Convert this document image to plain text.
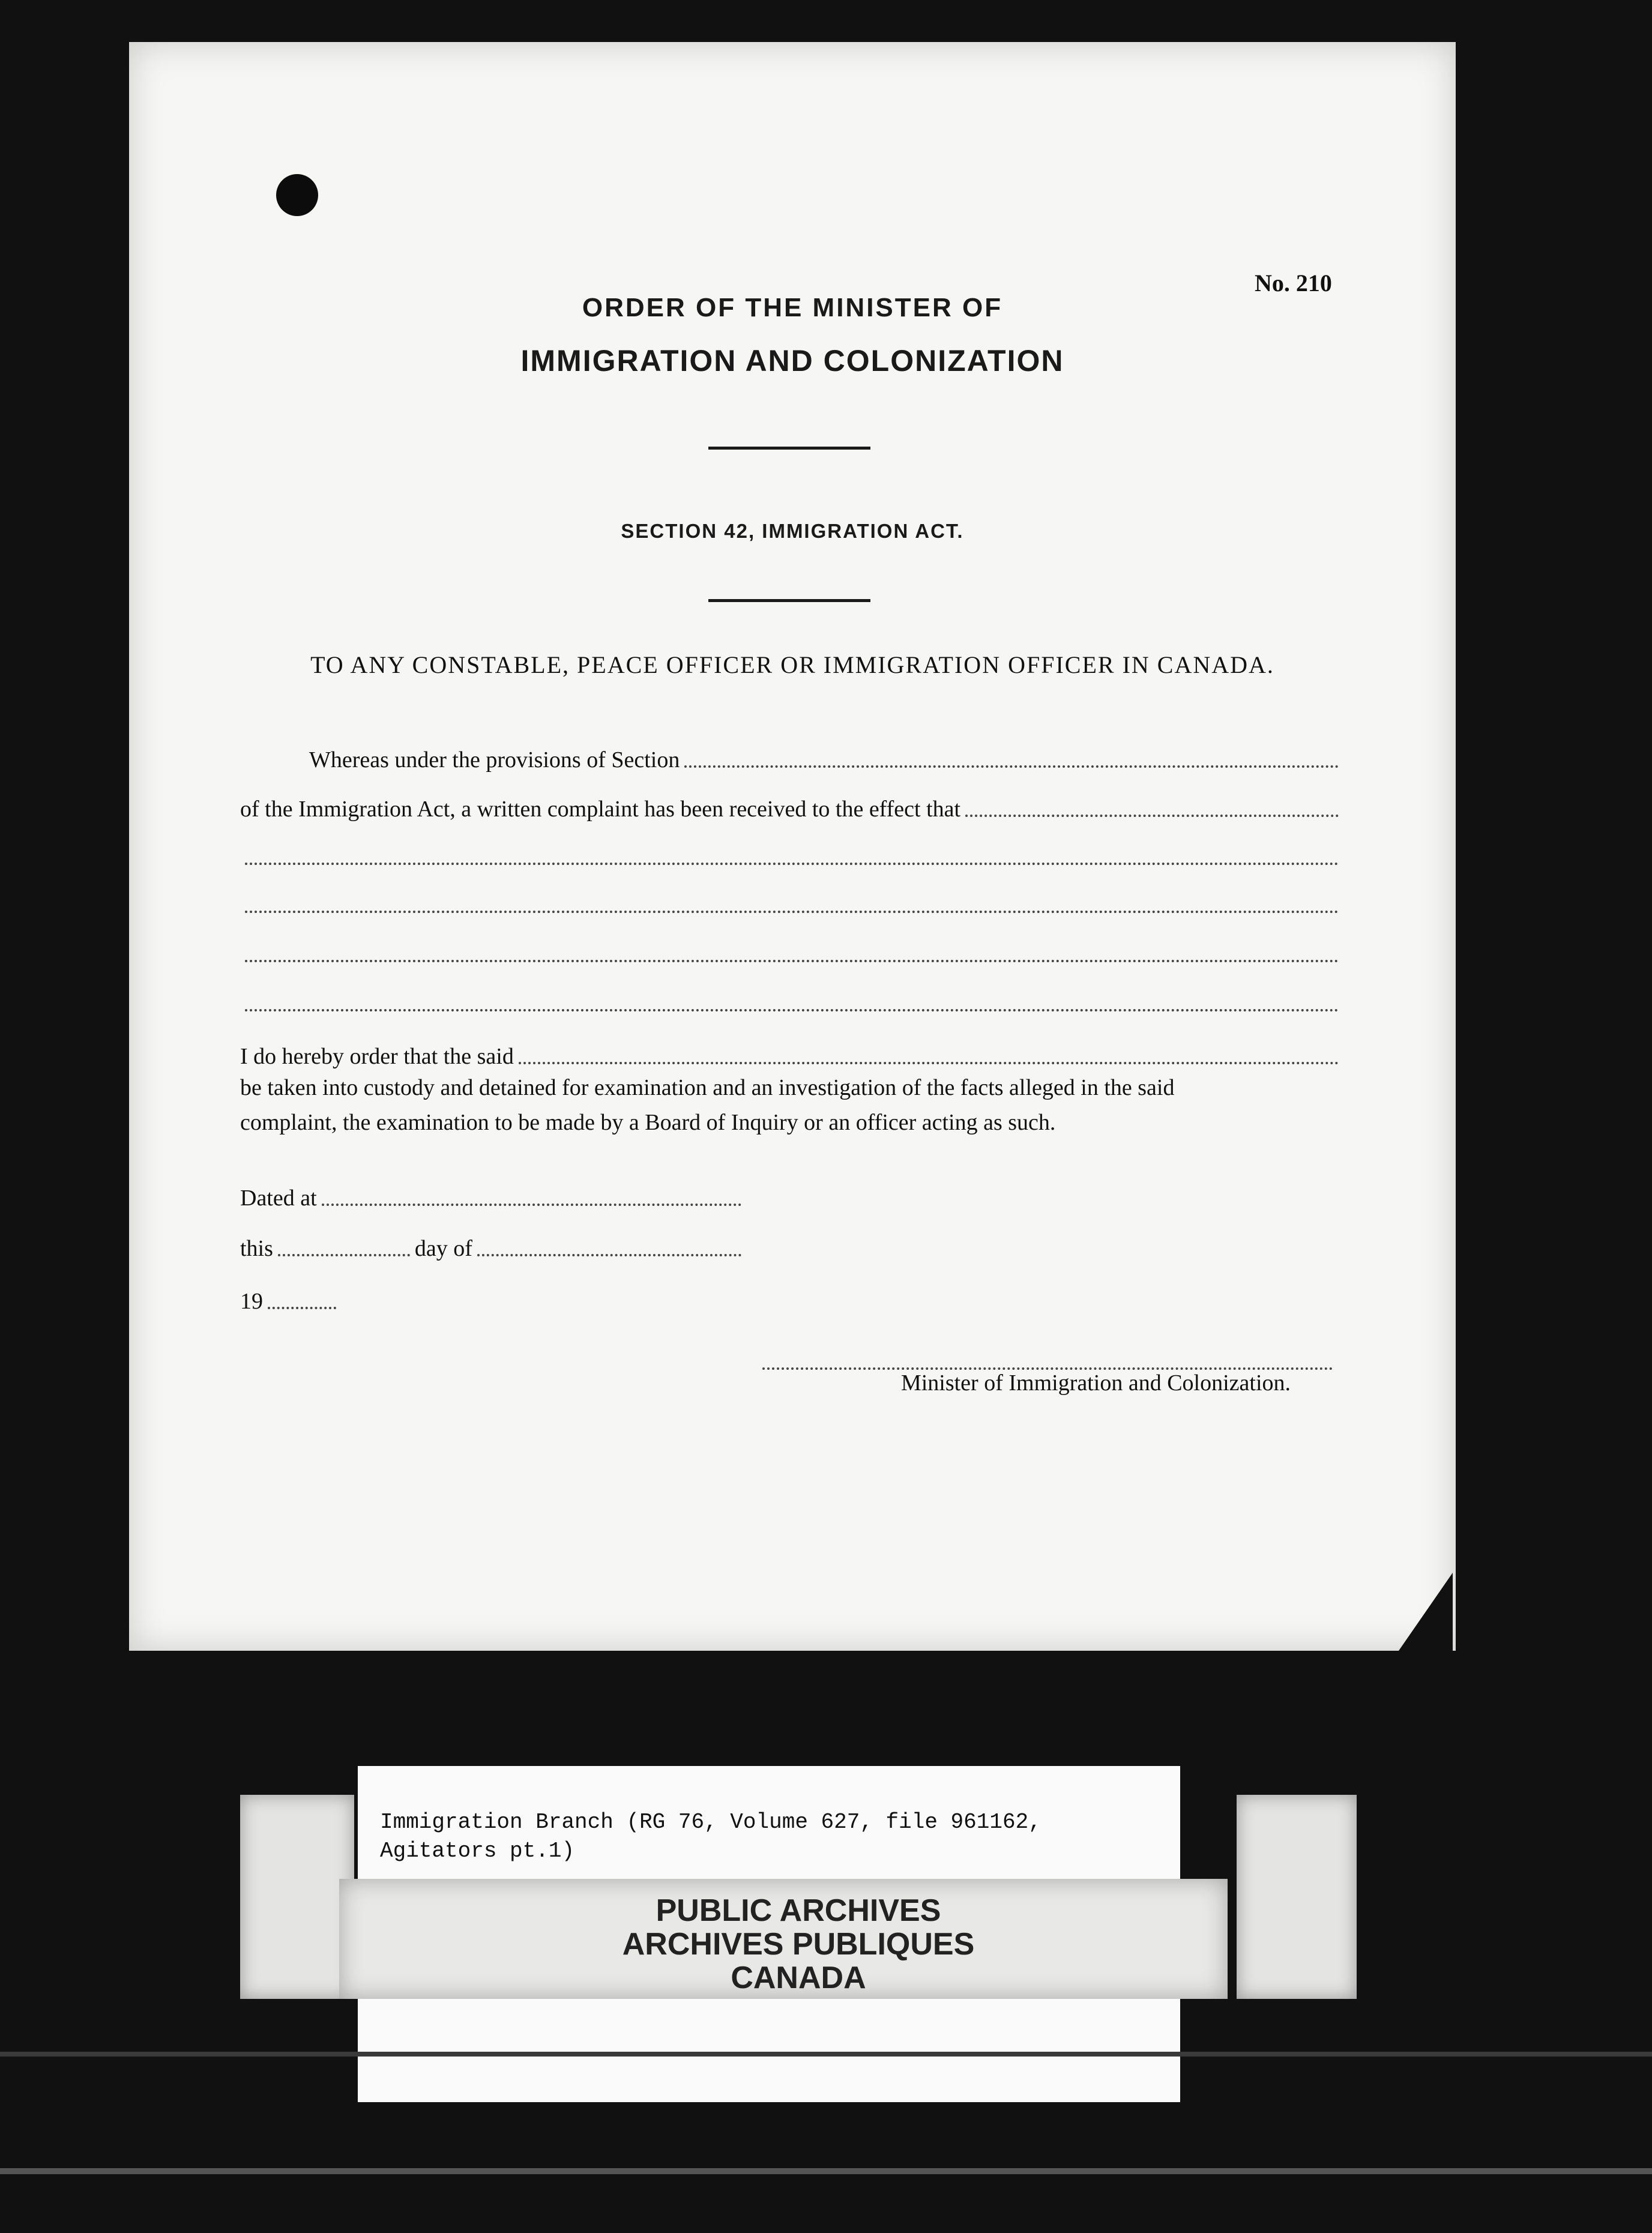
No. 210
ORDER OF THE MINISTER OF
IMMIGRATION AND COLONIZATION
SECTION 42, IMMIGRATION ACT.
TO ANY CONSTABLE, PEACE OFFICER OR IMMIGRATION OFFICER IN CANADA.
Whereas under the provisions of Section
of the Immigration Act, a written complaint has been received to the effect that
I do hereby order that the said
be taken into custody and detained for examination and an investigation of the facts alleged in the said
complaint, the examination to be made by a Board of Inquiry or an officer acting as such.
Dated at
this	day of
19
Minister of Immigration and Colonization.
Immigration Branch (RG 76, Volume 627, file 961162,
Agitators pt.1)
PUBLIC ARCHIVES
ARCHIVES PUBLIQUES
CANADA
